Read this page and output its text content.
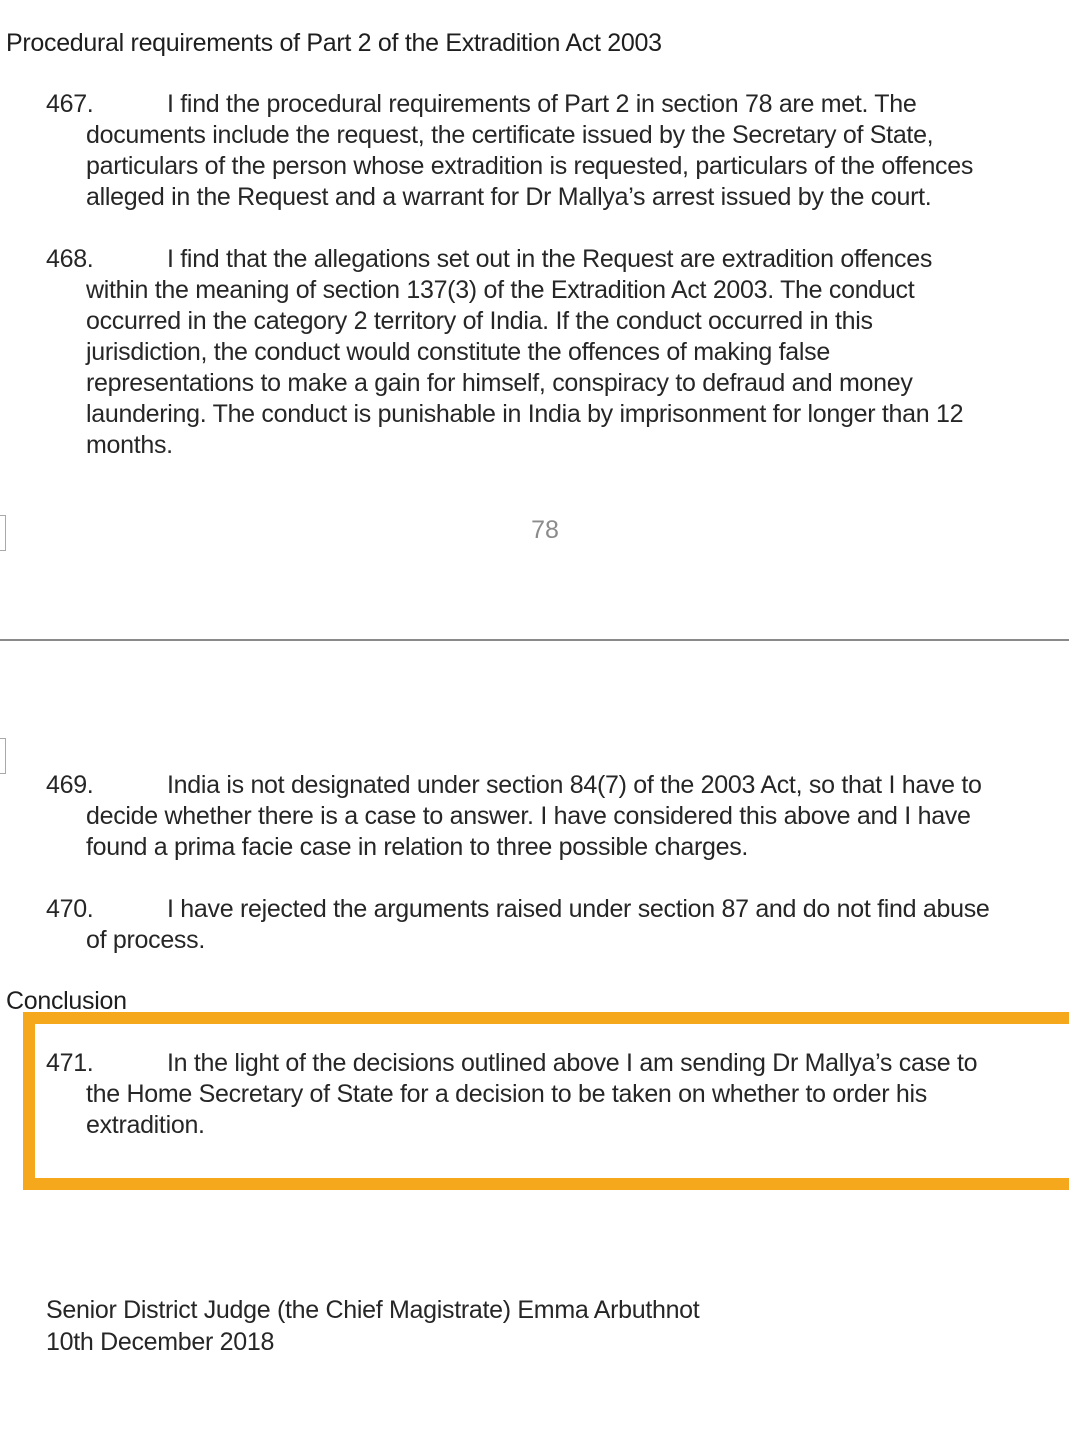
Procedural requirements of Part 2 of the Extradition Act 2003
467.	I find the procedural requirements of Part 2 in section 78 are met. The
documents include the request, the certificate issued by the Secretary of State,
particulars of the person whose extradition is requested, particulars of the offences
alleged in the Request and a warrant for Dr Mallya’s arrest issued by the court.
468.	I find that the allegations set out in the Request are extradition offences
within the meaning of section 137(3) of the Extradition Act 2003. The conduct
occurred in the category 2 territory of India. If the conduct occurred in this
jurisdiction, the conduct would constitute the offences of making false
representations to make a gain for himself, conspiracy to defraud and money
laundering. The conduct is punishable in India by imprisonment for longer than 12
months.
78
469.	India is not designated under section 84(7) of the 2003 Act, so that I have to
decide whether there is a case to answer. I have considered this above and I have
found a prima facie case in relation to three possible charges.
470.	I have rejected the arguments raised under section 87 and do not find abuse
of process.
Conclusion
471.	In the light of the decisions outlined above I am sending Dr Mallya’s case to
the Home Secretary of State for a decision to be taken on whether to order his
extradition.
Senior District Judge (the Chief Magistrate) Emma Arbuthnot
10th December 2018
